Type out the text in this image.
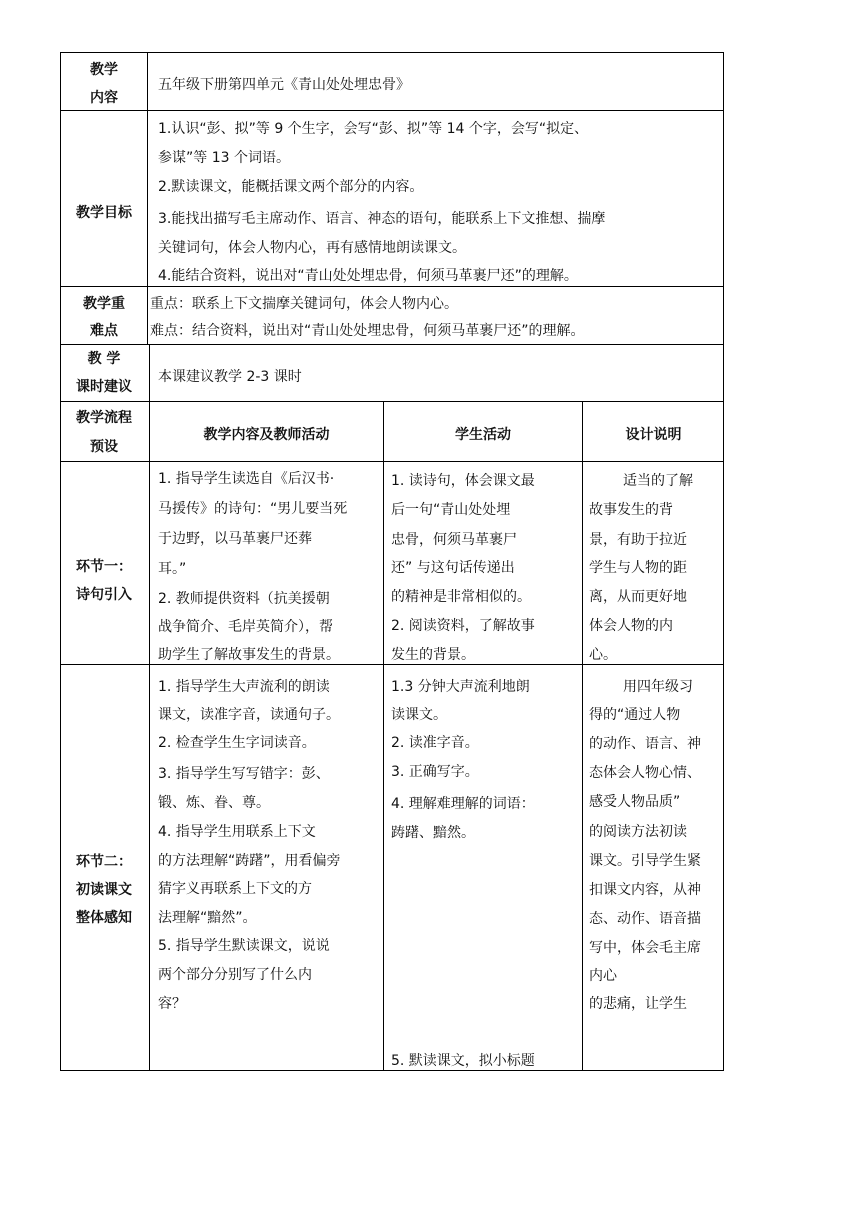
教学
内容
五年级下册第四单元《青山处处埋忠骨》
教学目标
1.认识“彭、拟”等 9 个生字，会写“彭、拟”等 14 个字，会写“拟定、
参谋”等 13 个词语。
2.默读课文，能概括课文两个部分的内容。
3.能找出描写毛主席动作、语言、神态的语句，能联系上下文推想、揣摩
关键词句，体会人物内心，再有感情地朗读课文。
4.能结合资料，说出对“青山处处埋忠骨，何须马革裹尸还”的理解。
教学重
难点
重点：联系上下文揣摩关键词句，体会人物内心。
难点：结合资料，说出对“青山处处埋忠骨，何须马革裹尸还”的理解。
教 学
课时建议
本课建议教学 2-3 课时
教学流程
预设
教学内容及教师活动	学生活动	设计说明
环节一：
诗句引入
1. 指导学生读选自《后汉书·
马援传》的诗句：“男儿要当死
于边野，以马革裹尸还葬
耳。”
2. 教师提供资料（抗美援朝
战争简介、毛岸英简介），帮
助学生了解故事发生的背景。
1. 读诗句，体会课文最
后一句“青山处处埋
忠骨，何须马革裹尸
还” 与这句话传递出
的精神是非常相似的。
2. 阅读资料，了解故事
发生的背景。
适当的了解
故事发生的背
景，有助于拉近
学生与人物的距
离，从而更好地
体会人物的内
心。
环节二：
初读课文
整体感知
1. 指导学生大声流利的朗读
课文，读准字音，读通句子。
2. 检查学生生字词读音。
3. 指导学生写写错字：彭、
锻、炼、眷、尊。
4. 指导学生用联系上下文
的方法理解“踌躇”，用看偏旁
猜字义再联系上下文的方
法理解“黯然”。
5. 指导学生默读课文，说说
两个部分分别写了什么内
容？
1.3 分钟大声流利地朗
读课文。
2. 读准字音。
3. 正确写字。
4. 理解难理解的词语：
踌躇、黯然。
5. 默读课文，拟小标题
用四年级习
得的“通过人物
的动作、语言、神
态体会人物心情、
感受人物品质”
的阅读方法初读
课文。引导学生紧
扣课文内容，从神
态、动作、语音描
写中，体会毛主席
内心
的悲痛，让学生
